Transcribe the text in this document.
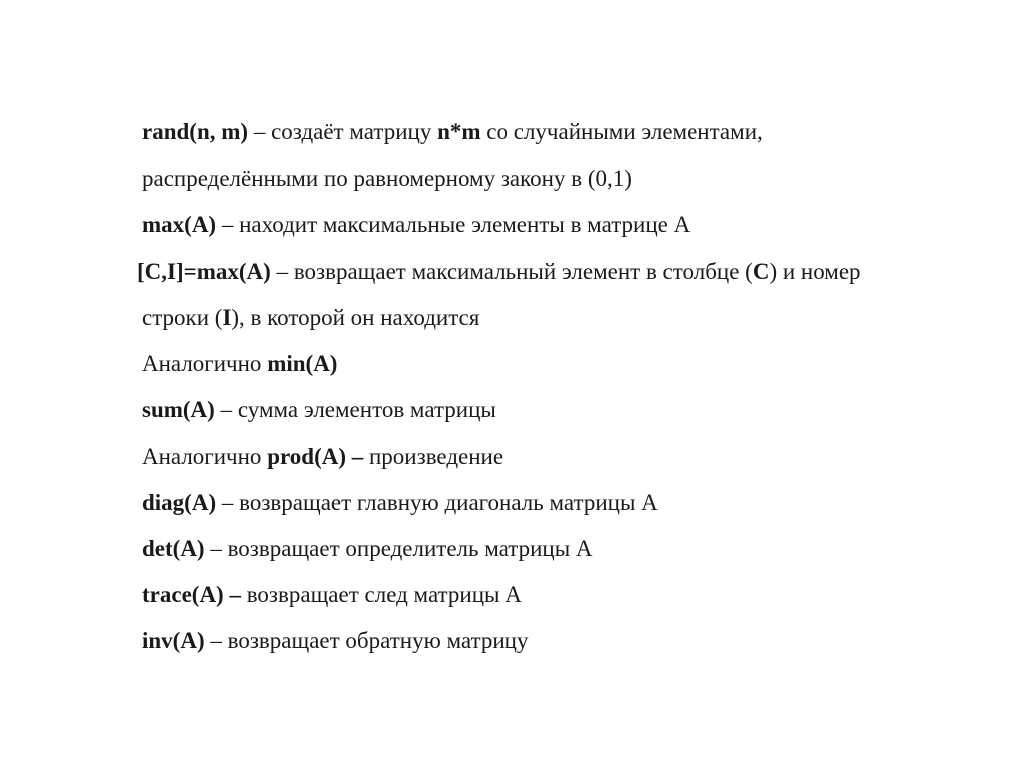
rand(n, m) – создаёт матрицу n*m со случайными элементами,
распределёнными по равномерному закону в (0,1)
max(A) – находит максимальные элементы в матрице А
[C,I]=max(A) – возвращает максимальный элемент в столбце (C) и номер
строки (I), в которой он находится
Аналогично min(A)
sum(A) – сумма элементов матрицы
Аналогично prod(A) – произведение
diag(A) – возвращает главную диагональ матрицы А
det(A) – возвращает определитель матрицы А
trace(A) – возвращает след матрицы А
inv(A) – возвращает обратную матрицу
